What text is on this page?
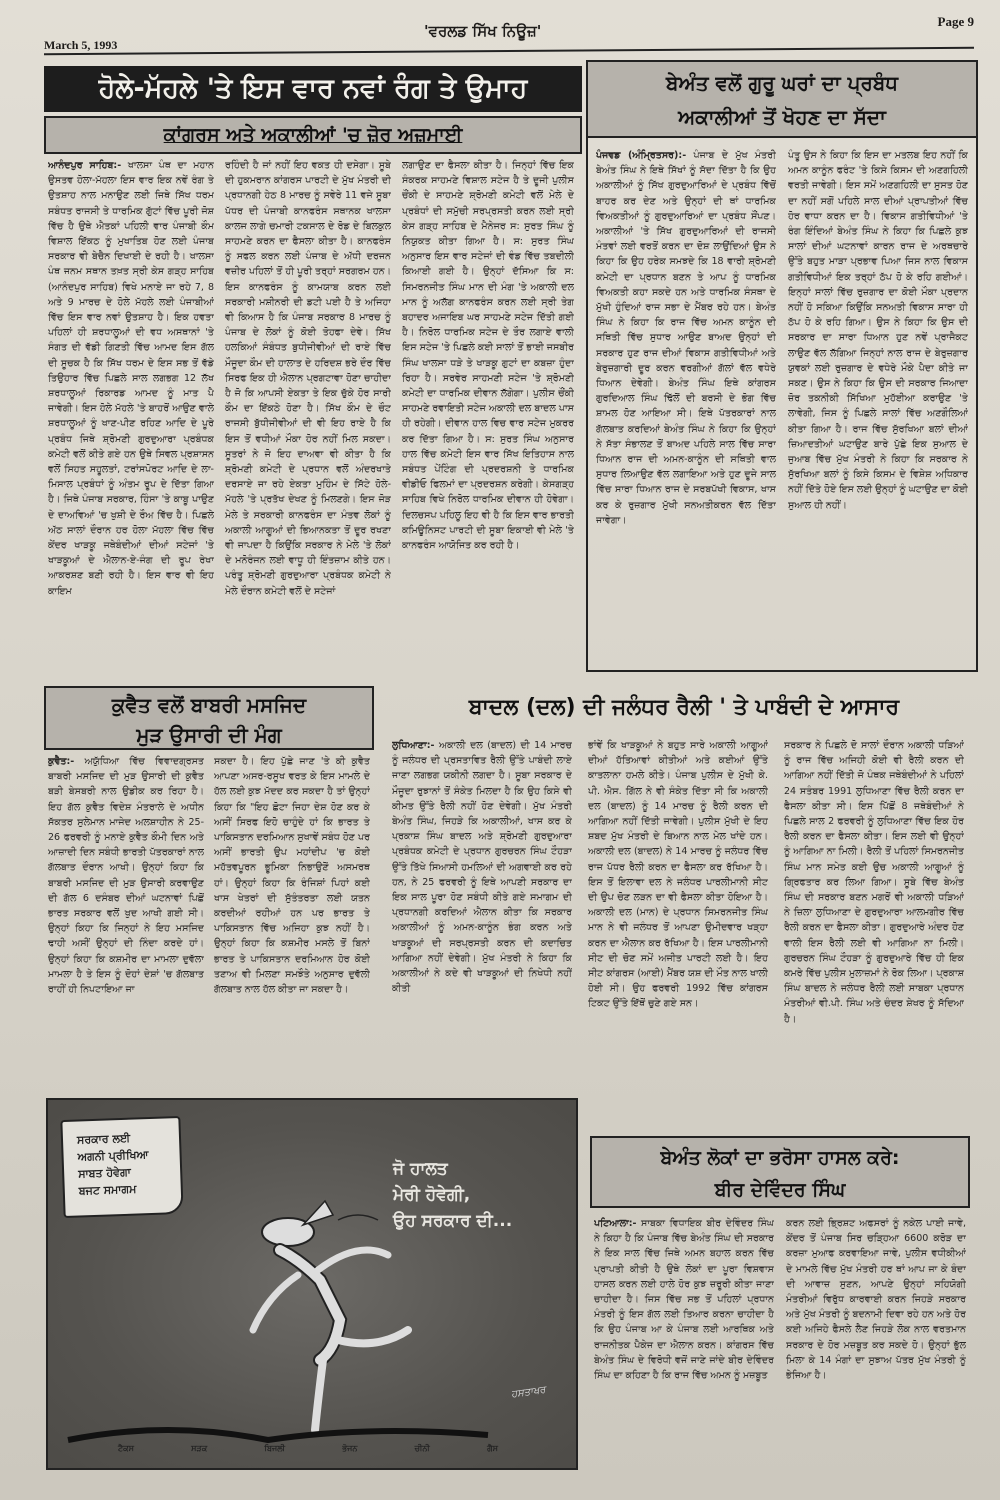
March 5, 1993
'ਵਰਲਡ ਸਿੱਖ ਨਿਊਜ਼'
Page 9
ਹੋਲੇ-ਮੱਹਲੇ 'ਤੇ ਇਸ ਵਾਰ ਨਵਾਂ ਰੰਗ ਤੇ ਉਮਾਹ
ਕਾਂਗਰਸ ਅਤੇ ਅਕਾਲੀਆਂ 'ਚ ਜ਼ੋਰ ਅਜ਼ਮਾਈ
ਆਨੰਦਪੁਰ ਸਾਹਿਬ:- ਖਾਲਸਾ ਪੰਥ ਦਾ ਮਹਾਨ ਉਸਤਵ ਹੋਲਾ-ਮੱਹਲਾ ਇਸ ਵਾਰ ਇਕ ਨਵੇਂ ਰੰਗ ਤੇ ਉਤਸ਼ਾਹ ਨਾਲ ਮਨਾਉਣ ਲਈ ਜਿਥੇ ਸਿੱਖ ਧਰਮ ਸਬੰਧਤ ਰਾਜਸੀ ਤੇ ਧਾਰਮਿਕ ਗੁੱਟਾਂ ਵਿੱਚ ਪੂਰੀ ਜੋਸ਼ ਵਿੱਚ ਹੈ ਉਥੇ ਐਤਕਾਂ ਪਹਿਲੀ ਵਾਰ ਪੰਜਾਬੀ ਕੌਮ ਵਿਸ਼ਾਲ ਇੱਕਠ ਨੂੰ ਮੁਖਾਤਿਬ ਹੋਣ ਲਈ ਪੰਜਾਬ ਸਰਕਾਰ ਵੀ ਬੇਚੈਨ ਦਿਖਾਈ ਦੇ ਰਹੀ ਹੈ। ਖਾਲਸਾ ਪੰਥ ਜਨਮ ਸਥਾਨ ਤਖ਼ਤ ਸ੍ਰੀ ਕੇਸ ਗੜ੍ਹ ਸਾਹਿਬ (ਆਨੰਦਪੁਰ ਸਾਹਿਬ) ਵਿਖੇ ਮਨਾਏ ਜਾ ਰਹੇ 7, 8 ਅਤੇ 9 ਮਾਰਚ ਦੇ ਹੋਲੇ ਮੱਹਲੇ ਲਈ ਪੰਜਾਬੀਆਂ ਵਿੱਚ ਇਸ ਵਾਰ ਨਵਾਂ ਉਤਸ਼ਾਹ ਹੈ। ਇਕ ਹਵਤਾ ਪਹਿਲਾਂ ਹੀ ਸ਼ਰਧਾਲੂਆਂ ਦੀ ਵਧ ਅਸਥਾਨਾਂ 'ਤੇ ਸੰਗਤ ਦੀ ਵੱਡੀ ਗਿਣਤੀ ਵਿੱਚ ਆਮਦ ਇਸ ਗੱਲ ਦੀ ਸੂਚਕ ਹੈ ਕਿ ਸਿੱਖ ਧਰਮ ਦੇ ਇਸ ਸਭ ਤੋਂ ਵੱਡੇ ਤਿਉਹਾਰ ਵਿੱਚ ਪਿਛਲੇ ਸਾਲ ਲਗਭਗ 12 ਲੱਖ ਸ਼ਰਧਾਲੂਆਂ ਰਿਕਾਰਡ ਆਮਦ ਨੂੰ ਮਾਤ ਪੈ ਜਾਵੇਗੀ। ਇਸ ਹੋਲੇ ਮੱਹਲੇ 'ਤੇ ਬਾਹਰੋਂ ਆਉਣ ਵਾਲੇ ਸ਼ਰਧਾਲੂਆਂ ਨੂੰ ਖਾਣ-ਪੀਣ ਰਹਿਣ ਆਦਿ ਦੇ ਪੂਰੇ ਪ੍ਰਬੰਧ ਜਿਥੇ ਸ਼੍ਰੋਮਣੀ ਗੁਰਦੁਆਰਾ ਪ੍ਰਬੰਧਕ ਕਮੇਟੀ ਵਲੋਂ ਕੀਤੇ ਗਏ ਹਨ ਉਥੇ ਸਿਵਲ ਪ੍ਰਸ਼ਾਸਨ ਵਲੋਂ ਸਿਹਤ ਸਹੂਲਤਾਂ, ਟਰਾਂਸਪੋਰਟ ਆਦਿ ਦੇ ਲਾ-ਮਿਸਾਲ ਪ੍ਰਬੰਧਾਂ ਨੂੰ ਅੰਤਮ ਰੂਪ ਦੇ ਦਿੱਤਾ ਗਿਆ ਹੈ। ਜਿਥੇ ਪੰਜਾਬ ਸਰਕਾਰ, ਹਿੰਸਾ 'ਤੇ ਕਾਬੂ ਪਾਉਣ ਦੇ ਦਾਅਵਿਆਂ 'ਚ ਖੁਸ਼ੀ ਦੇ ਰੌਅ ਵਿੱਚ ਹੈ। ਪਿਛਲੇ ਅੱਠ ਸਾਲਾਂ ਦੌਰਾਨ ਹਰ ਹੋਲਾ ਮੱਹਲਾ ਵਿੱਚ ਵਿੱਚ ਕੇਂਦਰ ਖਾੜਕੂ ਜਥੇਬੰਦੀਆਂ ਦੀਆਂ ਸਟੇਜਾਂ 'ਤੇ ਖਾੜਕੂਆਂ ਦੇ ਐਲਾਨ-ਏ-ਜੰਗ ਦੀ ਰੂਪ ਰੇਖਾ ਆਕਰਸ਼ਣ ਬਣੀ ਰਹੀ ਹੈ। ਇਸ ਵਾਰ ਵੀ ਇਹ ਕਾਇਮ
ਰਹਿੰਦੀ ਹੈ ਜਾਂ ਨਹੀਂ ਇਹ ਵਕਤ ਹੀ ਦਸੇਗਾ। ਸੂਬੇ ਦੀ ਹੁਕਮਰਾਨ ਕਾਂਗਰਸ ਪਾਰਟੀ ਦੇ ਮੁੱਖ ਮੰਤਰੀ ਦੀ ਪ੍ਰਧਾਨਗੀ ਹੇਠ 8 ਮਾਰਚ ਨੂੰ ਸਵੇਰੇ 11 ਵਜੇ ਸੂਬਾ ਪੱਧਰ ਦੀ ਪੰਜਾਬੀ ਕਾਨਫਰੰਸ ਸਥਾਨਕ ਖਾਲਸਾ ਕਾਲਜ ਲਾਗੇ ਚਮਾਰੀ ਟਕਸਾਲ ਦੇ ਰੋਡ ਦੇ ਬਿਲਕੁਲ ਸਾਹਮਣੇ ਕਰਨ ਦਾ ਫੈਸਲਾ ਕੀਤਾ ਹੈ। ਕਾਨਫਰੰਸ ਨੂੰ ਸਫਲ ਕਰਨ ਲਈ ਪੰਜਾਬ ਦੇ ਅੱਧੀ ਦਰਜਨ ਵਜ਼ੀਰ ਪਹਿਲਾਂ ਤੋਂ ਹੀ ਪੂਰੀ ਤਰ੍ਹਾਂ ਸਰਗਰਮ ਹਨ। ਇਸ ਕਾਨਫਰੰਸ ਨੂੰ ਕਾਮਯਾਬ ਕਰਨ ਲਈ ਸਰਕਾਰੀ ਮਸ਼ੀਨਰੀ ਦੀ ਡਟੀ ਪਈ ਹੈ ਤੇ ਅਜਿਹਾ ਵੀ ਕਿਆਸ ਹੈ ਕਿ ਪੰਜਾਬ ਸਰਕਾਰ 8 ਮਾਰਚ ਨੂੰ ਪੰਜਾਬ ਦੇ ਲੋਕਾਂ ਨੂੰ ਕੋਈ ਤੋਹਫਾ ਦੇਵੇ। ਸਿੱਖ ਹਲਕਿਆਂ ਸੰਬੰਧਤ ਬੁਧੀਜੀਵੀਆਂ ਦੀ ਰਾਏ ਵਿੱਚ ਮੌਜੂਦਾ ਕੌਮ ਦੀ ਹਾਲਾਤ ਦੇ ਹਰਿਦਸ਼ ਭਰੇ ਦੌਰ ਵਿੱਚ ਸਿਰਫ ਇਕ ਹੀ ਐਲਾਨ ਪ੍ਰਗਟਾਵਾ ਹੋਣਾ ਚਾਹੀਦਾ ਹੈ ਜੋ ਕਿ ਆਪਸੀ ਏਕਤਾ ਤੇ ਇਕ ਚੁੱਕੇ ਹੋਰ ਸਾਰੀ ਕੌਮ ਦਾ ਇੱਕਠੇ ਹੋਣਾ ਹੈ। ਸਿੱਖ ਕੌਮ ਦੇ ਚੌਟ ਰਾਜਸੀ ਬੁੱਧੀਜੀਵੀਆਂ ਦੀ ਵੀ ਇਹ ਰਾਏ ਹੈ ਕਿ ਇਸ ਤੋਂ ਵਧੀਆਂ ਮੌਕਾ ਹੋਰ ਨਹੀਂ ਮਿਲ ਸਕਦਾ। ਸੂਤਰਾਂ ਨੇ ਜੋ ਇਹ ਦਾਅਵਾ ਵੀ ਕੀਤਾ ਹੈ ਕਿ ਸ਼੍ਰੋਮਣੀ ਕਮੇਟੀ ਦੇ ਪ੍ਰਧਾਨ ਵਲੋਂ ਅੰਦਰਖਾਤੇ ਦਰਸਾਏ ਜਾ ਰਹੇ ਏਕਤਾ ਮੁਹਿੰਮ ਦੇ ਸਿੱਟੇ ਹੋਲੇ-ਮੱਹਲੇ 'ਤੇ ਪ੍ਰਤੱਖ ਦੇਖਣ ਨੂੰ ਮਿਲਣਗੇ। ਇਸ ਜੋੜ ਮੇਲੇ ਤੇ ਸਰਕਾਰੀ ਕਾਨਫਰੰਸ ਦਾ ਮੰਤਵ ਲੋਕਾਂ ਨੂੰ ਅਕਾਲੀ ਆਗੂਆਂ ਦੀ ਭਿਆਨਕਤਾ ਤੋਂ ਦੂਰ ਰਖਣਾ ਵੀ ਜਾਪਦਾ ਹੈ ਕਿਉਂਕਿ ਸਰਕਾਰ ਨੇ ਮੇਲੇ 'ਤੇ ਲੋਕਾਂ ਦੇ ਮਨੋਰੰਜਨ ਲਈ ਵਾਧੂ ਹੀ ਇੰਤਜ਼ਾਮ ਕੀਤੇ ਹਨ। ਪਰੰਤੂ ਸ਼੍ਰੋਮਣੀ ਗੁਰਦੁਆਰਾ ਪ੍ਰਬੰਧਕ ਕਮੇਟੀ ਨੇ ਮੇਲੇ ਦੌਰਾਨ ਕਮੇਟੀ ਵਲੋਂ ਦੇ ਸਟੇਜਾਂ
ਲਗਾਉਣ ਦਾ ਫੈਸਲਾ ਕੀਤਾ ਹੈ। ਜਿਨ੍ਹਾਂ ਵਿੱਚ ਇਕ ਸੰਕਰਕ ਸਾਹਮਣੇ ਵਿਸ਼ਾਲ ਸਟੇਜ ਹੈ ਤੇ ਦੂਜੀ ਪੁਲੀਸ ਚੌਂਕੀ ਦੇ ਸਾਹਮਣੇ ਸ਼੍ਰੋਮਣੀ ਕਮੇਟੀ ਵਲੋਂ ਮੇਲੇ ਦੇ ਪ੍ਰਬੰਧਾਂ ਦੀ ਸਮੁੱਚੀ ਸਰਪ੍ਰਸਤੀ ਕਰਨ ਲਈ ਸ੍ਰੀ ਕੇਸ ਗੜ੍ਹ ਸਾਹਿਬ ਦੇ ਮੈਨੇਜਰ ਸ: ਸੁਰਤ ਸਿੰਘ ਨੂੰ ਨਿਯੁਕਤ ਕੀਤਾ ਗਿਆ ਹੈ। ਸ: ਸੁਰਤ ਸਿੰਘ ਅਨੁਸਾਰ ਇਸ ਵਾਰ ਸਟੇਜਾਂ ਦੀ ਵੰਡ ਵਿੱਚ ਤਬਦੀਲੀ ਕਿਆਈ ਗਈ ਹੈ। ਉਨ੍ਹਾਂ ਦੱਸਿਆ ਕਿ ਸ: ਸਿਮਰਨਜੀਤ ਸਿੰਘ ਮਾਨ ਦੀ ਮੰਗ 'ਤੇ ਅਕਾਲੀ ਦਲ ਮਾਨ ਨੂੰ ਅਲੱਗ ਕਾਨਫਰੰਸ ਕਰਨ ਲਈ ਸ੍ਰੀ ਤੇਗ ਬਹਾਦਰ ਅਜਾਇਬ ਘਰ ਸਾਹਮਣੇ ਸਟੇਜ ਦਿੱਤੀ ਗਈ ਹੈ। ਨਿਰੋਲ ਧਾਰਮਿਕ ਸਟੇਜ ਦੇ ਤੌਰ ਲਗਾਏ ਵਾਲੀ ਇਸ ਸਟੇਜ 'ਤੇ ਪਿਛਲੇ ਕਈ ਸਾਲਾਂ ਤੋਂ ਭਾਈ ਜਸਬੀਰ ਸਿੰਘ ਖਾਲਸਾ ਧੜੇ ਤੇ ਖਾੜਕੂ ਗੁਟਾਂ ਦਾ ਕਬਜ਼ਾ ਹੁੰਦਾ ਰਿਹਾ ਹੈ। ਸਰਵੇਰ ਸਾਹਮਣੀ ਸਟੇਜ 'ਤੇ ਸ਼੍ਰੋਮਣੀ ਕਮੇਟੀ ਦਾ ਧਾਰਮਿਕ ਦੀਵਾਨ ਲੱਗੇਗਾ। ਪੁਲੀਸ ਚੌਂਕੀ ਸਾਹਮਣੇ ਰਵਾਇਤੀ ਸਟੇਜ ਅਕਾਲੀ ਦਲ ਬਾਦਲ ਪਾਸ ਹੀ ਰਹੇਗੀ। ਦੀਵਾਨ ਹਾਲ ਵਿਚ ਵਾਰ ਸਟੇਜ ਮੁਕਰਰ ਕਰ ਦਿੱਤਾ ਗਿਆ ਹੈ। ਸ: ਸੁਰਤ ਸਿੰਘ ਅਨੁਸਾਰ ਹਾਲ ਵਿੱਚ ਕਮੇਟੀ ਇਸ ਵਾਰ ਸਿੱਖ ਇਤਿਹਾਸ ਨਾਲ ਸਬੰਧਤ ਪੇਂਟਿੰਗ ਦੀ ਪ੍ਰਦਰਸ਼ਨੀ ਤੇ ਧਾਰਮਿਕ ਵੀਡੀਓ ਫਿਲਮਾਂ ਦਾ ਪ੍ਰਦਰਸ਼ਨ ਕਰੇਗੀ। ਕੇਸਗੜ੍ਹ ਸਾਹਿਬ ਵਿਖੇ ਨਿਰੋਲ ਧਾਰਮਿਕ ਦੀਵਾਨ ਹੀ ਹੋਵੇਗਾ। ਦਿਲਚਸਪ ਪਹਿਲੂ ਇਹ ਵੀ ਹੈ ਕਿ ਇਸ ਵਾਰ ਭਾਰਤੀ ਕਮਿਊਨਿਸਟ ਪਾਰਟੀ ਦੀ ਸੂਬਾ ਇਕਾਈ ਵੀ ਮੇਲੇ 'ਤੇ ਕਾਨਫਰੰਸ ਆਯੋਜਿਤ ਕਰ ਰਹੀ ਹੈ।
ਬੇਅੰਤ ਵਲੋਂ ਗੁਰੂ ਘਰਾਂ ਦਾ ਪ੍ਰਬੰਧ
ਅਕਾਲੀਆਂ ਤੋਂ ਖੋਹਣ ਦਾ ਸੱਦਾ
ਪੰਜਵਡ (ਅੰਮ੍ਰਿਤਸਰ):- ਪੰਜਾਬ ਦੇ ਮੁੱਖ ਮੰਤਰੀ ਬੇਅੰਤ ਸਿੰਘ ਨੇ ਇਥੇ ਸਿੱਖਾਂ ਨੂੰ ਸੱਦਾ ਦਿੱਤਾ ਹੈ ਕਿ ਉਹ ਅਕਾਲੀਆਂ ਨੂੰ ਸਿੱਖ ਗੁਰਦੁਆਰਿਆਂ ਦੇ ਪ੍ਰਬੰਧ ਵਿੱਚੋਂ ਬਾਹਰ ਕਰ ਦੇਣ ਅਤੇ ਉਨ੍ਹਾਂ ਦੀ ਥਾਂ ਧਾਰਮਿਕ ਵਿਅਕਤੀਆਂ ਨੂੰ ਗੁਰਦੁਆਰਿਆਂ ਦਾ ਪ੍ਰਬੰਧ ਸੌਂਪਣ। ਅਕਾਲੀਆਂ 'ਤੇ ਸਿੱਖ ਗੁਰਦੁਆਰਿਆਂ ਦੀ ਰਾਜਸੀ ਮੰਤਵਾਂ ਲਈ ਵਰਤੋਂ ਕਰਨ ਦਾ ਦੋਸ਼ ਲਾਉਂਦਿਆਂ ਉਸ ਨੇ ਕਿਹਾ ਕਿ ਉਹ ਹਰੇਕ ਸਮਝਦੇ ਕਿ 18 ਵਾਰੀ ਸ਼੍ਰੋਮਣੀ ਕਮੇਟੀ ਦਾ ਪ੍ਰਧਾਨ ਬਣਨ ਤੇ ਆਪ ਨੂੰ ਧਾਰਮਿਕ ਵਿਅਕਤੀ ਕਹਾ ਸਕਦੇ ਹਨ ਅਤੇ ਧਾਰਮਿਕ ਸੰਸਥਾ ਦੇ ਮੁੱਖੀ ਹੁੰਦਿਆਂ ਰਾਜ ਸਭਾ ਦੇ ਮੈਂਬਰ ਰਹੇ ਹਨ। ਬੇਅੰਤ ਸਿੰਘ ਨੇ ਕਿਹਾ ਕਿ ਰਾਜ ਵਿੱਚ ਅਮਨ ਕਾਨੂੰਨ ਦੀ ਸਥਿਤੀ ਵਿੱਚ ਸੁਧਾਰ ਆਉਣ ਬਾਅਦ ਉਨ੍ਹਾਂ ਦੀ ਸਰਕਾਰ ਹੁਣ ਰਾਜ ਦੀਆਂ ਵਿਕਾਸ ਗਤੀਵਿਧੀਆਂ ਅਤੇ ਬੇਰੁਜ਼ਗਾਰੀ ਦੂਰ ਕਰਨ ਵਰਗੀਆਂ ਗੱਲਾਂ ਵੱਲ ਵਧੇਰੇ ਧਿਆਨ ਦੇਵੇਗੀ। ਬੇਅੰਤ ਸਿੰਘ ਇਥੇ ਕਾਂਗਰਸ ਗੁਰਦਿਆਲ ਸਿੰਘ ਢਿੱਲੋਂ ਦੀ ਬਰਸੀ ਦੇ ਭੋਗ ਵਿੱਚ ਸ਼ਾਮਲ ਹੋਣ ਆਇਆ ਸੀ। ਇਥੇ ਪੱਤਰਕਾਰਾਂ ਨਾਲ ਗੱਲਬਾਤ ਕਰਦਿਆਂ ਬੇਅੰਤ ਸਿੰਘ ਨੇ ਕਿਹਾ ਕਿ ਉਨ੍ਹਾਂ ਨੇ ਸੱਤਾ ਸੰਭਾਲਣ ਤੋਂ ਬਾਅਦ ਪਹਿਲੇ ਸਾਲ ਵਿੱਚ ਸਾਰਾ ਧਿਆਨ ਰਾਜ ਦੀ ਅਮਨ-ਕਾਨੂੰਨ ਦੀ ਸਥਿਤੀ ਵਾਲ ਸੁਧਾਰ ਲਿਆਉਣ ਵੱਲ ਲਗਾਇਆ ਅਤੇ ਹੁਣ ਦੂਜੇ ਸਾਲ ਵਿੱਚ ਸਾਰਾ ਧਿਆਨ ਰਾਜ ਦੇ ਸਰਬਪੱਖੀ ਵਿਕਾਸ, ਖਾਸ ਕਰ ਕੇ ਰੁਜ਼ਗਾਰ ਮੁੱਖੀ ਸਨਅਤੀਕਰਨ ਵੱਲ ਦਿੱਤਾ ਜਾਵੇਗਾ।
ਪੰਤੂ ਉਸ ਨੇ ਕਿਹਾ ਕਿ ਇਸ ਦਾ ਮਤਲਬ ਇਹ ਨਹੀਂ ਕਿ ਅਮਨ ਕਾਨੂੰਨ ਫਰੰਟ 'ਤੇ ਕਿਸੇ ਕਿਸਮ ਦੀ ਅਣਗਹਿਲੀ ਵਰਤੀ ਜਾਵੇਗੀ। ਇਸ ਸਮੇਂ ਅਣਗਹਿਲੀ ਦਾ ਸੁਸਤ ਹੋਣ ਦਾ ਨਹੀਂ ਸਗੋਂ ਪਹਿਲੇ ਸਾਲ ਦੀਆਂ ਪ੍ਰਾਪਤੀਆਂ ਵਿੱਚ ਹੋਰ ਵਾਧਾ ਕਰਨ ਦਾ ਹੈ। ਵਿਕਾਸ ਗਤੀਵਿਧੀਆਂ 'ਤੇ ਰੰਗ ਇੰਦਿਆਂ ਬੇਅੰਤ ਸਿੰਘ ਨੇ ਕਿਹਾ ਕਿ ਪਿਛਲੇ ਕੁਝ ਸਾਲਾਂ ਦੀਆਂ ਘਟਨਾਵਾਂ ਕਾਰਨ ਰਾਜ ਦੇ ਅਰਥਚਾਰੇ ਉੱਤੇ ਬਹੁਤ ਮਾੜਾ ਪ੍ਰਭਾਵ ਪਿਆ ਜਿਸ ਨਾਲ ਵਿਕਾਸ ਗਤੀਵਿਧੀਆਂ ਇਕ ਤਰ੍ਹਾਂ ਠੱਪ ਹੋ ਕੇ ਰਹਿ ਗਈਆਂ। ਇਨ੍ਹਾਂ ਸਾਲਾਂ ਵਿੱਚ ਰੁਜ਼ਗਾਰ ਦਾ ਕੋਈ ਮੌਕਾ ਪ੍ਰਦਾਨ ਨਹੀਂ ਹੋ ਸਕਿਆ ਕਿਉਂਕਿ ਸਨਅਤੀ ਵਿਕਾਸ ਸਾਰਾ ਹੀ ਠੱਪ ਹੋ ਕੇ ਰਹਿ ਗਿਆ। ਉਸ ਨੇ ਕਿਹਾ ਕਿ ਉਸ ਦੀ ਸਰਕਾਰ ਦਾ ਸਾਰਾ ਧਿਆਨ ਹੁਣ ਨਵੇਂ ਪ੍ਰਾਜੈਕਟ ਲਾਉਣ ਵੱਲ ਲੱਗਿਆ ਜਿਨ੍ਹਾਂ ਨਾਲ ਰਾਜ ਦੇ ਬੇਰੁਜ਼ਗਾਰ ਯੁਵਕਾਂ ਲਈ ਰੁਜ਼ਗਾਰ ਦੇ ਵਧੇਰੇ ਮੌਕੇ ਪੈਦਾ ਕੀਤੇ ਜਾ ਸਕਣ। ਉਸ ਨੇ ਕਿਹਾ ਕਿ ਉਸ ਦੀ ਸਰਕਾਰ ਜਿਆਦਾ ਜ਼ੋਰ ਤਕਨੀਕੀ ਸਿੱਖਿਆ ਮੁਹੱਈਆ ਕਰਾਉਣ 'ਤੇ ਲਾਵੇਗੀ, ਜਿਸ ਨੂੰ ਪਿਛਲੇ ਸਾਲਾਂ ਵਿੱਚ ਅਣਗੌਲਿਆਂ ਕੀਤਾ ਗਿਆ ਹੈ। ਰਾਜ ਵਿੱਚ ਸੁੱਰਖਿਆ ਬਲਾਂ ਦੀਆਂ ਜ਼ਿਆਦਤੀਆਂ ਘਟਾਉਣ ਬਾਰੇ ਪੁੱਛੇ ਇਕ ਸੁਆਲ ਦੇ ਜੁਆਬ ਵਿੱਚ ਮੁੱਖ ਮੰਤਰੀ ਨੇ ਕਿਹਾ ਕਿ ਸਰਕਾਰ ਨੇ ਸੁੱਰਖਿਆ ਬਲਾਂ ਨੂੰ ਕਿਸੇ ਕਿਸਮ ਦੇ ਵਿਸ਼ੇਸ਼ ਅਧਿਕਾਰ ਨਹੀਂ ਦਿੱਤੇ ਹੋਏ ਇਸ ਲਈ ਉਨ੍ਹਾਂ ਨੂੰ ਘਟਾਉਣ ਦਾ ਕੋਈ ਸੁਆਲ ਹੀ ਨਹੀਂ।
ਕੁਵੈਤ ਵਲੋਂ ਬਾਬਰੀ ਮਸਜਿਦ
ਮੁੜ ਉਸਾਰੀ ਦੀ ਮੰਗ
ਕੁਵੈਤ:- ਅਯੁੱਧਿਆ ਵਿੱਚ ਵਿਵਾਦਗ੍ਰਸਤ ਬਾਬਰੀ ਮਸਜਿਦ ਦੀ ਮੁੜ ਉਸਾਰੀ ਦੀ ਕੁਵੈਤ ਬੜੀ ਬੇਸਬਰੀ ਨਾਲ ਉਡੀਕ ਕਰ ਰਿਹਾ ਹੈ। ਇਹ ਗੱਲ ਕੁਵੈਤ ਵਿਦੇਸ਼ ਮੰਤਰਾਲੇ ਦੇ ਅਧੀਨ ਸੱਕਤਰ ਸੁਲੇਮਾਨ ਮਾਜੇਦ ਅਲਸ਼ਾਹੀਨ ਨੇ 25-26 ਫਰਵਰੀ ਨੂੰ ਮਨਾਏ ਕੁਵੈਤ ਕੌਮੀ ਦਿਨ ਅਤੇ ਆਜ਼ਾਦੀ ਦਿਨ ਸਬੰਧੀ ਭਾਰਤੀ ਪੱਤਰਕਾਰਾਂ ਨਾਲ ਗੱਲਬਾਤ ਦੌਰਾਨ ਆਖੀ। ਉਨ੍ਹਾਂ ਕਿਹਾ ਕਿ ਬਾਬਰੀ ਮਸਜਿਦ ਦੀ ਮੁੜ ਉਸਾਰੀ ਕਰਵਾਉਣ ਦੀ ਗੱਲ 6 ਦਸੰਬਰ ਦੀਆਂ ਘਟਨਾਵਾਂ ਪਿਛੋਂ ਭਾਰਤ ਸਰਕਾਰ ਵਲੋਂ ਖੁਦ ਆਖੀ ਗਈ ਸੀ। ਉਨ੍ਹਾਂ ਕਿਹਾ ਕਿ ਜਿਨ੍ਹਾਂ ਨੇ ਇਹ ਮਸਜਿਦ ਢਾਹੀ ਅਸੀਂ ਉਨ੍ਹਾਂ ਦੀ ਨਿੰਦਾ ਕਰਦੇ ਹਾਂ। ਉਨ੍ਹਾਂ ਕਿਹਾ ਕਿ ਕਸ਼ਮੀਰ ਦਾ ਮਾਮਲਾ ਦੁਵੱਲਾ ਮਾਮਲਾ ਹੈ ਤੇ ਇਸ ਨੂੰ ਦੋਹਾਂ ਦੇਸ਼ਾਂ 'ਚ ਗੱਲਬਾਤ ਰਾਹੀਂ ਹੀ ਨਿਪਟਾਇਆ ਜਾ
ਸਕਦਾ ਹੈ। ਇਹ ਪੁੱਛੇ ਜਾਣ 'ਤੇ ਕੀ ਕੁਵੈਤ ਆਪਣਾ ਅਸਰ-ਰਸੂਖ ਵਰਤ ਕੇ ਇਸ ਮਾਮਲੇ ਦੇ ਹੱਲ ਲਈ ਕੁਝ ਮੱਦਦ ਕਰ ਸਕਦਾ ਹੈ ਤਾਂ ਉਨ੍ਹਾਂ ਕਿਹਾ ਕਿ "ਇਹ ਛੋਟਾ ਜਿਹਾ ਦੇਸ਼ ਹੋਣ ਕਰ ਕੇ ਅਸੀਂ ਸਿਰਫ ਇਹੋ ਚਾਹੁੰਦੇ ਹਾਂ ਕਿ ਭਾਰਤ ਤੇ ਪਾਕਿਸਤਾਨ ਦਰਮਿਆਨ ਸੁਖਾਵੇਂ ਸਬੰਧ ਹੋਣ ਪਰ ਅਸੀਂ ਭਾਰਤੀ ਉਪ ਮਹਾਂਦੀਪ 'ਚ ਕੋਈ ਮਹੱਤਵਪੂਰਨ ਭੂਮਿਕਾ ਨਿਭਾਉਣੋਂ ਅਸਮਰਥ ਹਾਂ। ਉਨ੍ਹਾਂ ਕਿਹਾ ਕਿ ਰੰਜਿਸ਼ਾਂ ਪਿਹਾਂ ਕਈ ਖਾਸ ਖੇਤਰਾਂ ਦੀ ਸੁੱਤੰਤਰਤਾ ਲਈ ਯਤਨ ਕਰਦੀਆਂ ਰਹੀਆਂ ਹਨ ਪਰ ਭਾਰਤ ਤੇ ਪਾਕਿਸਤਾਨ ਵਿੱਚ ਅਜਿਹਾ ਕੁਝ ਨਹੀਂ ਹੈ। ਉਨ੍ਹਾਂ ਕਿਹਾ ਕਿ ਕਸ਼ਮੀਰ ਮਸਲੇ ਤੋਂ ਬਿਨਾਂ ਭਾਰਤ ਤੇ ਪਾਕਿਸਤਾਨ ਦਰਮਿਆਨ ਹੋਰ ਕੋਈ ਤਣਾਅ ਵੀ ਮਿਲਣਾ ਸਮਝੌਤੇ ਅਨੁਸਾਰ ਦੁਵੱਲੀ ਗੱਲਬਾਤ ਨਾਲ ਹੱਲ ਕੀਤਾ ਜਾ ਸਕਦਾ ਹੈ।
ਬਾਦਲ (ਦਲ) ਦੀ ਜਲੰਧਰ ਰੈਲੀ ' ਤੇ ਪਾਬੰਦੀ ਦੇ ਆਸਾਰ
ਲੁਧਿਆਣਾ:- ਅਕਾਲੀ ਦਲ (ਬਾਦਲ) ਦੀ 14 ਮਾਰਚ ਨੂੰ ਜਲੰਧਰ ਦੀ ਪ੍ਰਸਤਾਵਿਤ ਰੈਲੀ ਉੱਤੇ ਪਾਬੰਦੀ ਲਾਏ ਜਾਣਾ ਲਗਭਗ ਯਕੀਨੀ ਲਗਦਾ ਹੈ। ਸੂਬਾ ਸਰਕਾਰ ਦੇ ਮੌਜੂਦਾ ਰੁਝਾਨਾਂ ਤੋਂ ਸੰਕੇਤ ਮਿਲਦਾ ਹੈ ਕਿ ਉਹ ਕਿਸੇ ਵੀ ਕੀਮਤ ਉੱਤੇ ਰੈਲੀ ਨਹੀਂ ਹੋਣ ਦੇਵੇਗੀ। ਮੁੱਖ ਮੰਤਰੀ ਬੇਅੰਤ ਸਿੰਘ, ਜਿਹੜੇ ਕਿ ਅਕਾਲੀਆਂ, ਖਾਸ ਕਰ ਕੇ ਪ੍ਰਕਾਸ਼ ਸਿੰਘ ਬਾਦਲ ਅਤੇ ਸ਼੍ਰੋਮਣੀ ਗੁਰਦੁਆਰਾ ਪ੍ਰਬੰਧਕ ਕਮੇਟੀ ਦੇ ਪ੍ਰਧਾਨ ਗੁਰਚਰਨ ਸਿੰਘ ਟੌਹੜਾ ਉੱਤੇ ਤਿੱਖੇ ਸਿਆਸੀ ਹਮਲਿਆਂ ਦੀ ਅਗਵਾਈ ਕਰ ਰਹੇ ਹਨ, ਨੇ 25 ਫਰਵਰੀ ਨੂੰ ਇਥੇ ਆਪਣੀ ਸਰਕਾਰ ਦਾ ਇਕ ਸਾਲ ਪੂਰਾ ਹੋਣ ਸਬੰਧੀ ਕੀਤੇ ਗਏ ਸਮਾਗਮ ਦੀ ਪ੍ਰਧਾਨਗੀ ਕਰਦਿਆਂ ਐਲਾਨ ਕੀਤਾ ਕਿ ਸਰਕਾਰ ਅਕਾਲੀਆਂ ਨੂੰ ਅਮਨ-ਕਾਨੂੰਨ ਭੰਗ ਕਰਨ ਅਤੇ ਖਾੜਕੂਆਂ ਦੀ ਸਰਪ੍ਰਸਤੀ ਕਰਨ ਦੀ ਕਦਾਚਿਤ ਆਗਿਆ ਨਹੀਂ ਦੇਵੇਗੀ। ਮੁੱਖ ਮੰਤਰੀ ਨੇ ਕਿਹਾ ਕਿ ਅਕਾਲੀਆਂ ਨੇ ਕਦੇ ਵੀ ਖਾੜਕੂਆਂ ਦੀ ਨਿਖੇਧੀ ਨਹੀਂ ਕੀਤੀ
ਭਾਂਵੇਂ ਕਿ ਖਾੜਕੂਆਂ ਨੇ ਬਹੁਤ ਸਾਰੇ ਅਕਾਲੀ ਆਗੂਆਂ ਦੀਆਂ ਹੱਤਿਆਵਾਂ ਕੀਤੀਆਂ ਅਤੇ ਕਈਆਂ ਉੱਤੇ ਕਾਤਲਾਨਾ ਹਮਲੇ ਕੀਤੇ। ਪੰਜਾਬ ਪੁਲੀਸ ਦੇ ਮੁੱਖੀ ਕੇ. ਪੀ. ਐਸ. ਗਿੱਲ ਨੇ ਵੀ ਸੰਕੇਤ ਦਿੱਤਾ ਸੀ ਕਿ ਅਕਾਲੀ ਦਲ (ਬਾਦਲ) ਨੂੰ 14 ਮਾਰਚ ਨੂੰ ਰੈਲੀ ਕਰਨ ਦੀ ਆਗਿਆ ਨਹੀਂ ਦਿੱਤੀ ਜਾਵੇਗੀ। ਪੁਲੀਸ ਮੁੱਖੀ ਦੇ ਇਹ ਸ਼ਬਦ ਮੁੱਖ ਮੰਤਰੀ ਦੇ ਬਿਆਨ ਨਾਲ ਮੇਲ ਖਾਂਦੇ ਹਨ। ਅਕਾਲੀ ਦਲ (ਬਾਦਲ) ਨੇ 14 ਮਾਰਚ ਨੂੰ ਜਲੰਧਰ ਵਿੱਚ ਰਾਜ ਪੱਧਰ ਰੈਲੀ ਕਰਨ ਦਾ ਫੈਸਲਾ ਕਰ ਰੱਖਿਆ ਹੈ। ਇਸ ਤੋਂ ਇਲਾਵਾ ਦਲ ਨੇ ਜਲੰਧਰ ਪਾਰਲੀਮਾਨੀ ਸੀਟ ਦੀ ਉਪ ਚੋਣ ਲੜਨ ਦਾ ਵੀ ਫੈਸਲਾ ਕੀਤਾ ਹੋਇਆ ਹੈ। ਅਕਾਲੀ ਦਲ (ਮਾਨ) ਦੇ ਪ੍ਰਧਾਨ ਸਿਮਰਨਜੀਤ ਸਿੰਘ ਮਾਨ ਨੇ ਵੀ ਜਲੰਧਰ ਤੋਂ ਆਪਣਾ ਉਮੀਦਵਾਰ ਖੜ੍ਹਾ ਕਰਨ ਦਾ ਐਲਾਨ ਕਰ ਰੱਖਿਆ ਹੈ। ਇਸ ਪਾਰਲੀਮਾਨੀ ਸੀਟ ਦੀ ਚੋਣ ਸਮੇਂ ਅਜੀਤ ਪਾਰਟੀ ਲਈ ਹੈ। ਇਹ ਸੀਟ ਕਾਂਗਰਸ (ਆਈ) ਮੈਂਬਰ ਯਸ਼ ਦੀ ਮੌਤ ਨਾਲ ਖਾਲੀ ਹੋਈ ਸੀ। ਉਹ ਫਰਵਰੀ 1992 ਵਿੱਚ ਕਾਂਗਰਸ ਟਿਕਟ ਉੱਤੇ ਇੱਥੋਂ ਚੁਣੇ ਗਏ ਸਨ।
ਸਰਕਾਰ ਨੇ ਪਿਛਲੇ ਦੋ ਸਾਲਾਂ ਦੌਰਾਨ ਅਕਾਲੀ ਧੜਿਆਂ ਨੂੰ ਰਾਜ ਵਿੱਚ ਅਜਿਹੀ ਕੋਈ ਵੀ ਰੈਲੀ ਕਰਨ ਦੀ ਆਗਿਆ ਨਹੀਂ ਦਿੱਤੀ ਜੋ ਪੰਥਕ ਜਥੇਬੰਦੀਆਂ ਨੇ ਪਹਿਲਾਂ 24 ਸਤੰਬਰ 1991 ਲੁਧਿਆਣਾ ਵਿੱਚ ਰੈਲੀ ਕਰਨ ਦਾ ਫੈਸਲਾ ਕੀਤਾ ਸੀ। ਇਸ ਪਿੱਛੋਂ 8 ਜਥੇਬੰਦੀਆਂ ਨੇ ਪਿਛਲੇ ਸਾਲ 2 ਫਰਵਰੀ ਨੂੰ ਲੁਧਿਆਣਾ ਵਿੱਚ ਇਕ ਹੋਰ ਰੈਲੀ ਕਰਨ ਦਾ ਫੈਸਲਾ ਕੀਤਾ। ਇਸ ਲਈ ਵੀ ਉਨ੍ਹਾਂ ਨੂੰ ਆਗਿਆ ਨਾ ਮਿਲੀ। ਰੈਲੀ ਤੋਂ ਪਹਿਲਾਂ ਸਿਮਰਨਜੀਤ ਸਿੰਘ ਮਾਨ ਸਮੇਤ ਕਈ ਉਚ ਅਕਾਲੀ ਆਗੂਆਂ ਨੂੰ ਗ੍ਰਿਫਤਾਰ ਕਰ ਲਿਆ ਗਿਆ। ਸੂਬੇ ਵਿੱਚ ਬੇਅੰਤ ਸਿੰਘ ਦੀ ਸਰਕਾਰ ਬਣਨ ਮਗਰੋਂ ਵੀ ਅਕਾਲੀ ਧੜਿਆਂ ਨੇ ਜ਼ਿਲਾ ਲੁਧਿਆਣਾ ਦੇ ਗੁਰਦੁਆਰਾ ਆਲਮਗੀਰ ਵਿੱਚ ਰੈਲੀ ਕਰਨ ਦਾ ਫੈਸਲਾ ਕੀਤਾ। ਗੁਰਦੁਆਰੇ ਅੰਦਰ ਹੋਣ ਵਾਲੀ ਇਸ ਰੈਲੀ ਲਈ ਵੀ ਆਗਿਆ ਨਾ ਮਿਲੀ। ਗੁਰਚਰਨ ਸਿੰਘ ਟੌਹੜਾ ਨੂੰ ਗੁਰਦੁਆਰੇ ਵਿੱਚ ਹੀ ਇਕ ਕਮਰੇ ਵਿੱਚ ਪੁਲੀਸ ਮੁਲਾਜ਼ਮਾਂ ਨੇ ਰੋਕ ਲਿਆ। ਪ੍ਰਕਾਸ਼ ਸਿੰਘ ਬਾਦਲ ਨੇ ਜਲੰਧਰ ਰੈਲੀ ਲਈ ਸਾਬਕਾ ਪ੍ਰਧਾਨ ਮੰਤਰੀਆਂ ਵੀ.ਪੀ. ਸਿੰਘ ਅਤੇ ਚੰਦਰ ਸ਼ੇਖਰ ਨੂੰ ਸੱਦਿਆ ਹੈ।
ਸਰਕਾਰ ਲਈ
ਅਗਨੀ ਪ੍ਰੀਖਿਆ
ਸਾਬਤ ਹੋਵੇਗਾ
ਬਜਟ ਸਮਾਗਮ
ਜੋ ਹਾਲਤ
ਮੇਰੀ ਹੋਵੇਗੀ,
ਉਹ ਸਰਕਾਰ ਦੀ...
ਟੈਕਸ	ਸੜਕ	ਬਿਜਲੀ	ਭੋਜਨ	ਚੀਨੀ	ਗੈਸ
ਹਸਤਾਖਰ
ਬੇਅੰਤ ਲੋਕਾਂ ਦਾ ਭਰੋਸਾ ਹਾਸਲ ਕਰੇ:
ਬੀਰ ਦੇਵਿੰਦਰ ਸਿੰਘ
ਪਟਿਆਲਾ:- ਸਾਬਕਾ ਵਿਧਾਇਕ ਬੀਰ ਦੇਵਿੰਦਰ ਸਿੰਘ ਨੇ ਕਿਹਾ ਹੈ ਕਿ ਪੰਜਾਬ ਵਿੱਚ ਬੇਅੰਤ ਸਿੰਘ ਦੀ ਸਰਕਾਰ ਨੇ ਇਕ ਸਾਲ ਵਿੱਚ ਜਿਥੇ ਅਮਨ ਬਹਾਲ ਕਰਨ ਵਿੱਚ ਪ੍ਰਾਪਤੀ ਕੀਤੀ ਹੈ ਉਥੇ ਲੋਕਾਂ ਦਾ ਪੂਰਾ ਵਿਸ਼ਵਾਸ ਹਾਸਲ ਕਰਨ ਲਈ ਹਾਲੇ ਹੋਰ ਕੁਝ ਜ਼ਰੂਰੀ ਕੀਤਾ ਜਾਣਾ ਚਾਹੀਦਾ ਹੈ। ਜਿਸ ਵਿੱਚ ਸਭ ਤੋਂ ਪਹਿਲਾਂ ਪ੍ਰਧਾਨ ਮੰਤਰੀ ਨੂੰ ਇਸ ਗੱਲ ਲਈ ਤਿਆਰ ਕਰਨਾ ਚਾਹੀਦਾ ਹੈ ਕਿ ਉਹ ਪੰਜਾਬ ਆ ਕੇ ਪੰਜਾਬ ਲਈ ਆਰਥਿਕ ਅਤੇ ਰਾਜਨੀਤਕ ਪੈਕੇਜ ਦਾ ਐਲਾਨ ਕਰਨ। ਕਾਂਗਰਸ ਵਿੱਚ ਬੇਅੰਤ ਸਿੰਘ ਦੇ ਵਿਰੋਧੀ ਵਜੋਂ ਜਾਣੇ ਜਾਂਦੇ ਬੀਰ ਦੇਵਿੰਦਰ ਸਿੰਘ ਦਾ ਕਹਿਣਾ ਹੈ ਕਿ ਰਾਜ ਵਿੱਚ ਅਮਨ ਨੂੰ ਮਜ਼ਬੂਤ
ਕਰਨ ਲਈ ਭ੍ਰਿਸ਼ਟ ਅਫਸਰਾਂ ਨੂੰ ਨਕੇਲ ਪਾਈ ਜਾਵੇ, ਕੇਂਦਰ ਤੋਂ ਪੰਜਾਬ ਸਿਰ ਚੜ੍ਹਿਆ 6600 ਕਰੋੜ ਦਾ ਕਰਜ਼ਾ ਮੁਆਫ ਕਰਵਾਇਆ ਜਾਵੇ, ਪੁਲੀਸ ਵਧੀਕੀਆਂ ਦੇ ਮਾਮਲੇ ਵਿੱਚ ਮੁੱਖ ਮੰਤਰੀ ਹਰ ਥਾਂ ਆਪ ਜਾ ਕੇ ਬੰਦਾ ਦੀ ਆਵਾਜ਼ ਸੁਣਨ, ਆਪਣੇ ਉਨ੍ਹਾਂ ਸਹਿਯੋਗੀ ਮੰਤਰੀਆਂ ਵਿਰੁੱਧ ਕਾਰਵਾਈ ਕਰਨ ਜਿਹੜੇ ਸਰਕਾਰ ਅਤੇ ਮੁੱਖ ਮੰਤਰੀ ਨੂੰ ਬਦਨਾਮੀ ਦਿਵਾ ਰਹੇ ਹਨ ਅਤੇ ਹੋਰ ਕਈ ਅਜਿਹੇ ਫੈਸਲੇ ਲੈਣ ਜਿਹੜੇ ਲੋਕ ਨਾਲ ਵਰਤਮਾਨ ਸਰਕਾਰ ਦੇ ਹੋਰ ਮਜ਼ਬੂਤ ਕਰ ਸਕਦੇ ਹੋ। ਉਨ੍ਹਾਂ ਭੁੱਲ ਮਿਲਾ ਕੇ 14 ਮੰਗਾਂ ਦਾ ਸੁਝਾਅ ਪੱਤਰ ਮੁੱਖ ਮੰਤਰੀ ਨੂੰ ਭੇਜਿਆ ਹੈ।
